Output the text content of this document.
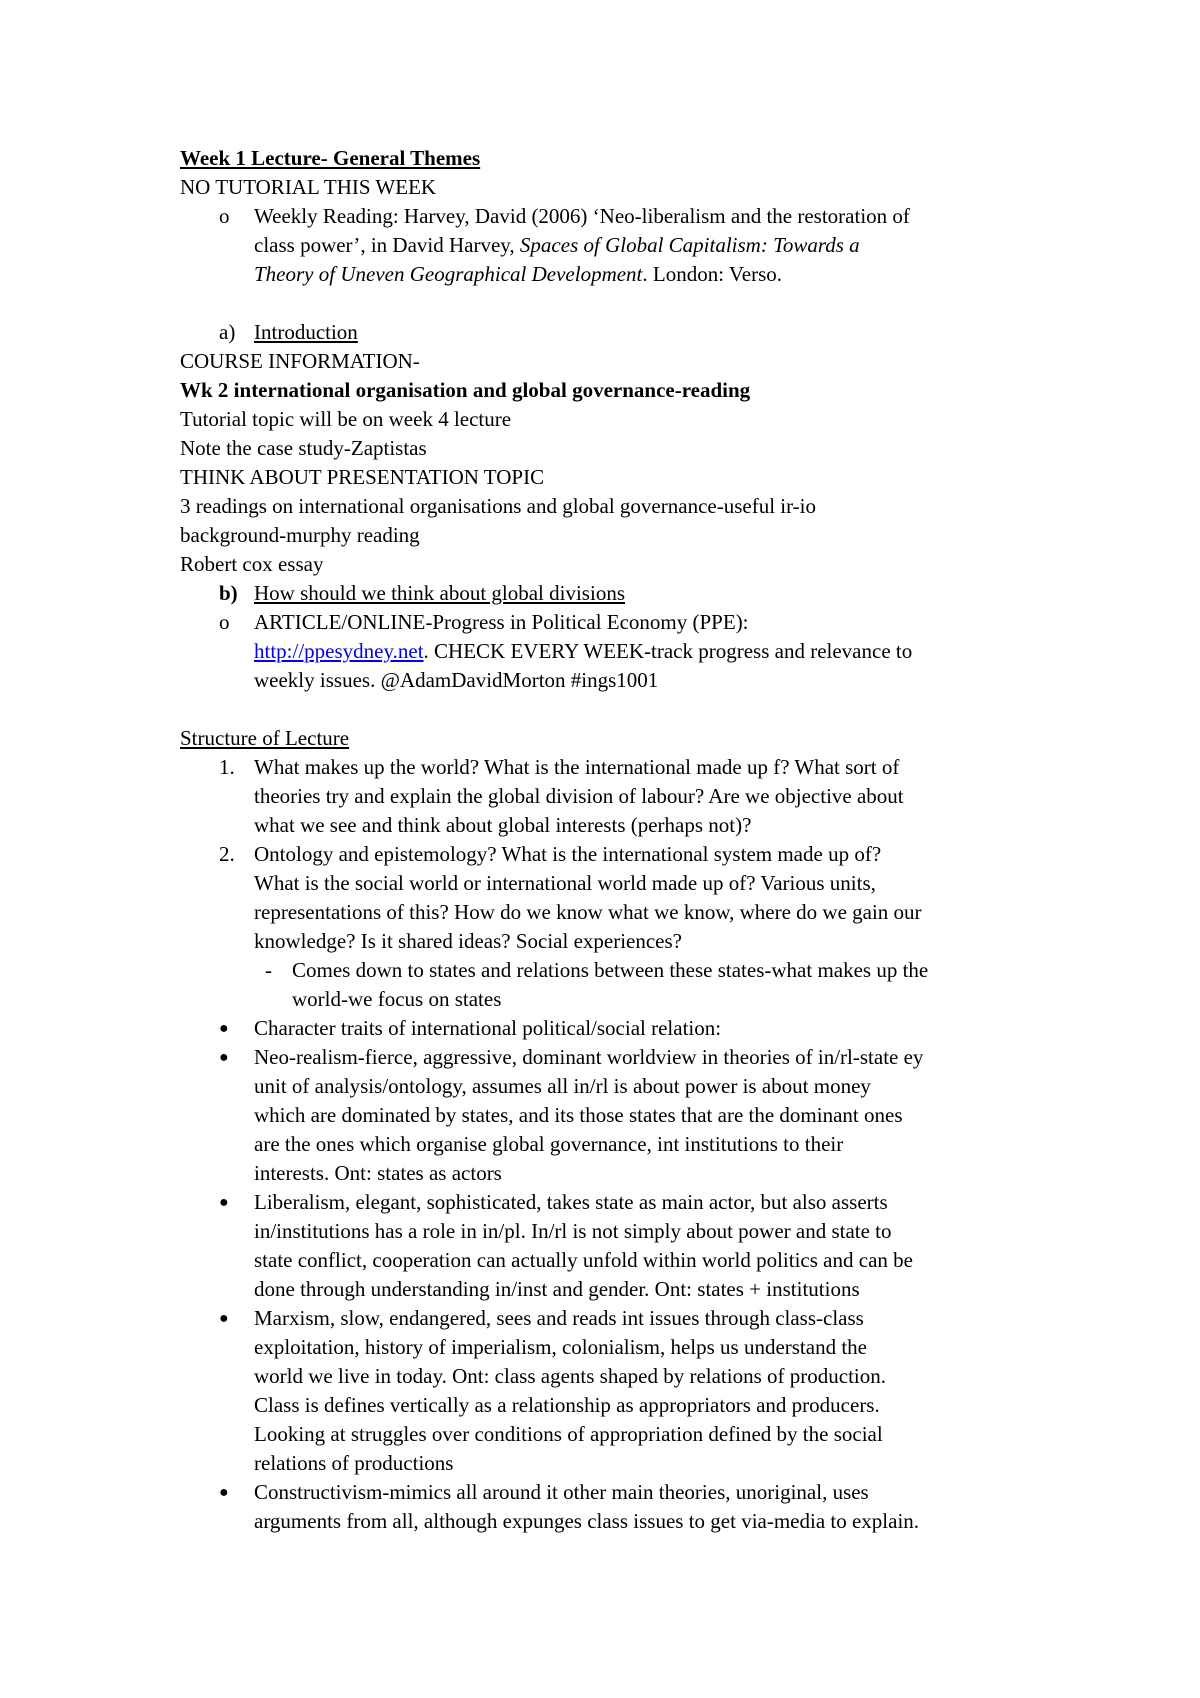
Week 1 Lecture- General Themes
NO TUTORIAL THIS WEEK
o Weekly Reading: Harvey, David (2006) ‘Neo-liberalism and the restoration of
class power’, in David Harvey, Spaces of Global Capitalism: Towards a
Theory of Uneven Geographical Development. London: Verso.
a) Introduction
COURSE INFORMATION-
Wk 2 international organisation and global governance-reading
Tutorial topic will be on week 4 lecture
Note the case study-Zaptistas
THINK ABOUT PRESENTATION TOPIC
3 readings on international organisations and global governance-useful ir-io
background-murphy reading
Robert cox essay
b) How should we think about global divisions
o ARTICLE/ONLINE-Progress in Political Economy (PPE):
http://ppesydney.net. CHECK EVERY WEEK-track progress and relevance to
weekly issues. @AdamDavidMorton #ings1001
Structure of Lecture
1. What makes up the world? What is the international made up f? What sort of
theories try and explain the global division of labour? Are we objective about
what we see and think about global interests (perhaps not)?
2. Ontology and epistemology? What is the international system made up of?
What is the social world or international world made up of? Various units,
representations of this? How do we know what we know, where do we gain our
knowledge? Is it shared ideas? Social experiences?
- Comes down to states and relations between these states-what makes up the
world-we focus on states
● Character traits of international political/social relation:
● Neo-realism-fierce, aggressive, dominant worldview in theories of in/rl-state ey
unit of analysis/ontology, assumes all in/rl is about power is about money
which are dominated by states, and its those states that are the dominant ones
are the ones which organise global governance, int institutions to their
interests. Ont: states as actors
● Liberalism, elegant, sophisticated, takes state as main actor, but also asserts
in/institutions has a role in in/pl. In/rl is not simply about power and state to
state conflict, cooperation can actually unfold within world politics and can be
done through understanding in/inst and gender. Ont: states + institutions
● Marxism, slow, endangered, sees and reads int issues through class-class
exploitation, history of imperialism, colonialism, helps us understand the
world we live in today. Ont: class agents shaped by relations of production.
Class is defines vertically as a relationship as appropriators and producers.
Looking at struggles over conditions of appropriation defined by the social
relations of productions
● Constructivism-mimics all around it other main theories, unoriginal, uses
arguments from all, although expunges class issues to get via-media to explain.
